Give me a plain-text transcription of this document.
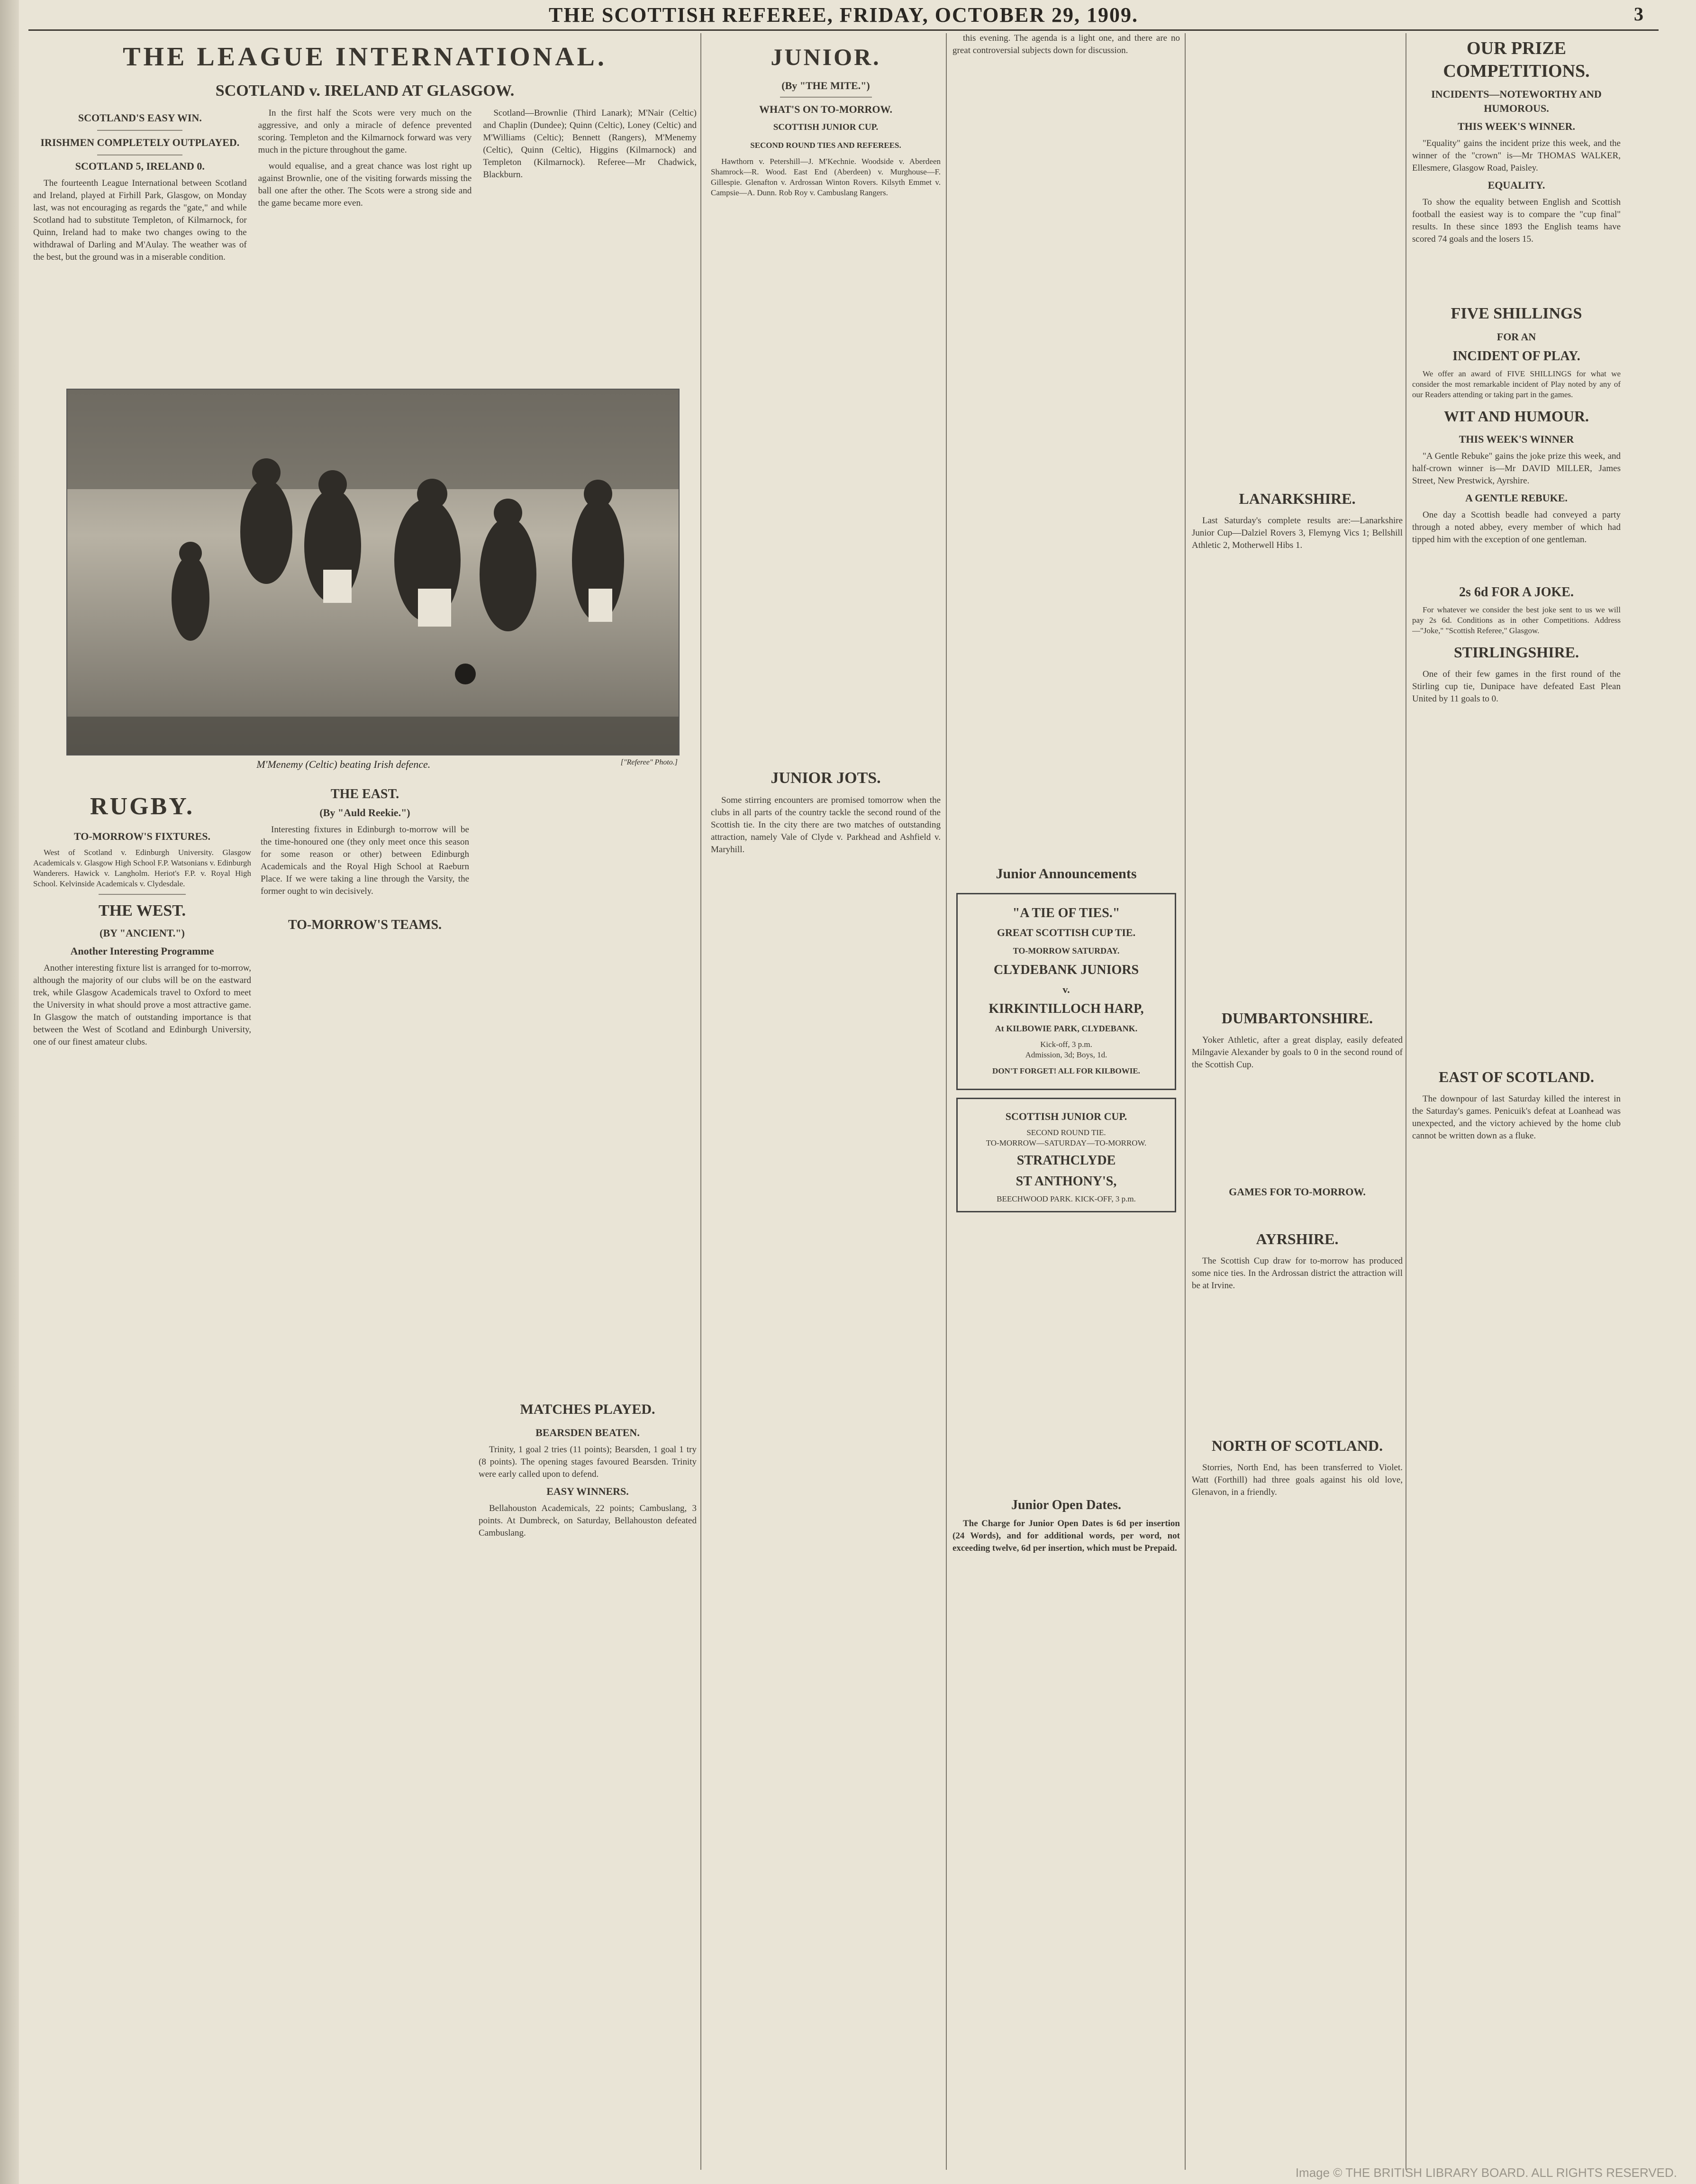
THE SCOTTISH REFEREE, FRIDAY, OCTOBER 29, 1909.	3
THE LEAGUE INTERNATIONAL.
SCOTLAND v. IRELAND AT GLASGOW.
SCOTLAND'S EASY WIN.
IRISHMEN COMPLETELY OUTPLAYED.
SCOTLAND 5, IRELAND 0.

The fourteenth League International between Scotland and Ireland, played at Firhill Park, Glasgow, on Monday last, was not encouraging as regards the "gate," and while Scotland had to substitute Templeton, of Kilmarnock, for Quinn, Ireland had to make two changes owing to the withdrawal of Darling and M'Aulay. The weather was of the best, but the ground was in a miserable condition.

In the first half the Scots were very much on the aggressive, and only a miracle of defence prevented scoring. Templeton and the Kilmarnock forward was very much in the picture throughout the game.

would equalise, and a great chance was lost right up against Brownlie, one of the visiting forwards missing the ball one after the other. The Scots were a strong side and the game became more even.

Scotland—Brownlie (Third Lanark); M'Nair (Celtic) and Chaplin (Dundee); Quinn (Celtic), Loney (Celtic) and M'Williams (Celtic); Bennett (Rangers), M'Menemy (Celtic), Quinn (Celtic), Higgins (Kilmarnock) and Templeton (Kilmarnock). Referee—Mr Chadwick, Blackburn.

M'Menemy (Celtic) beating Irish defence.	["Referee" Photo.]
RUGBY.
TO-MORROW'S FIXTURES.

West of Scotland v. Edinburgh University. Glasgow Academicals v. Glasgow High School F.P. Watsonians v. Edinburgh Wanderers. Hawick v. Langholm. Heriot's F.P. v. Royal High School. Kelvinside Academicals v. Clydesdale.

THE WEST.
(BY "ANCIENT.")
Another Interesting Programme

Another interesting fixture list is arranged for to-morrow, although the majority of our clubs will be on the eastward trek, while Glasgow Academicals travel to Oxford to meet the University in what should prove a most attractive game. In Glasgow the match of outstanding importance is that between the West of Scotland and Edinburgh University, one of our finest amateur clubs.

THE EAST.
(By "Auld Reekie.")

Interesting fixtures in Edinburgh to-morrow will be the time-honoured one (they only meet once this season for some reason or other) between Edinburgh Academicals and the Royal High School at Raeburn Place. If we were taking a line through the Varsity, the former ought to win decisively.

TO-MORROW'S TEAMS.
MATCHES PLAYED.
BEARSDEN BEATEN.

Trinity, 1 goal 2 tries (11 points); Bearsden, 1 goal 1 try (8 points). The opening stages favoured Bearsden. Trinity were early called upon to defend.

EASY WINNERS.

Bellahouston Academicals, 22 points; Cambuslang, 3 points. At Dumbreck, on Saturday, Bellahouston defeated Cambuslang.

JUNIOR.
(By "THE MITE.")
WHAT'S ON TO-MORROW.
SCOTTISH JUNIOR CUP.
SECOND ROUND TIES AND REFEREES.

Hawthorn v. Petershill—J. M'Kechnie. Woodside v. Aberdeen Shamrock—R. Wood. East End (Aberdeen) v. Murghouse—F. Gillespie. Glenafton v. Ardrossan Winton Rovers. Kilsyth Emmet v. Campsie—A. Dunn. Rob Roy v. Cambuslang Rangers.

JUNIOR JOTS.

Some stirring encounters are promised tomorrow when the clubs in all parts of the country tackle the second round of the Scottish tie. In the city there are two matches of outstanding attraction, namely Vale of Clyde v. Parkhead and Ashfield v. Maryhill.

this evening. The agenda is a light one, and there are no great controversial subjects down for discussion.

Junior Announcements
"A TIE OF TIES."
GREAT SCOTTISH CUP TIE.
TO-MORROW SATURDAY.
CLYDEBANK JUNIORS
v.
KIRKINTILLOCH HARP,
At KILBOWIE PARK, CLYDEBANK.
Kick-off, 3 p.m.
Admission, 3d; Boys, 1d.
DON'T FORGET! ALL FOR KILBOWIE.
SCOTTISH JUNIOR CUP.
SECOND ROUND TIE.
TO-MORROW—SATURDAY—TO-MORROW.
STRATHCLYDE
ST ANTHONY'S,
BEECHWOOD PARK. KICK-OFF, 3 p.m.
Junior Open Dates.

The Charge for Junior Open Dates is 6d per insertion (24 Words), and for additional words, per word, not exceeding twelve, 6d per insertion, which must be Prepaid.

LANARKSHIRE.

Last Saturday's complete results are:—Lanarkshire Junior Cup—Dalziel Rovers 3, Flemyng Vics 1; Bellshill Athletic 2, Motherwell Hibs 1.

DUMBARTONSHIRE.

Yoker Athletic, after a great display, easily defeated Milngavie Alexander by goals to 0 in the second round of the Scottish Cup.

GAMES FOR TO-MORROW.
AYRSHIRE.

The Scottish Cup draw for to-morrow has produced some nice ties. In the Ardrossan district the attraction will be at Irvine.

NORTH OF SCOTLAND.

Storries, North End, has been transferred to Violet. Watt (Forthill) had three goals against his old love, Glenavon, in a friendly.

OUR PRIZE COMPETITIONS.
INCIDENTS—NOTEWORTHY AND HUMOROUS.
THIS WEEK'S WINNER.

"Equality" gains the incident prize this week, and the winner of the "crown" is—Mr THOMAS WALKER, Ellesmere, Glasgow Road, Paisley.

EQUALITY.

To show the equality between English and Scottish football the easiest way is to compare the "cup final" results. In these since 1893 the English teams have scored 74 goals and the losers 15.

FIVE SHILLINGS
FOR AN
INCIDENT OF PLAY.

We offer an award of FIVE SHILLINGS for what we consider the most remarkable incident of Play noted by any of our Readers attending or taking part in the games.

WIT AND HUMOUR.
THIS WEEK'S WINNER

"A Gentle Rebuke" gains the joke prize this week, and half-crown winner is—Mr DAVID MILLER, James Street, New Prestwick, Ayrshire.

A GENTLE REBUKE.

One day a Scottish beadle had conveyed a party through a noted abbey, every member of which had tipped him with the exception of one gentleman.

2s 6d FOR A JOKE.

For whatever we consider the best joke sent to us we will pay 2s 6d. Conditions as in other Competitions. Address—"Joke," "Scottish Referee," Glasgow.

STIRLINGSHIRE.

One of their few games in the first round of the Stirling cup tie, Dunipace have defeated East Plean United by 11 goals to 0.

EAST OF SCOTLAND.

The downpour of last Saturday killed the interest in the Saturday's games. Penicuik's defeat at Loanhead was unexpected, and the victory achieved by the home club cannot be written down as a fluke.

Image © THE BRITISH LIBRARY BOARD. ALL RIGHTS RESERVED.
